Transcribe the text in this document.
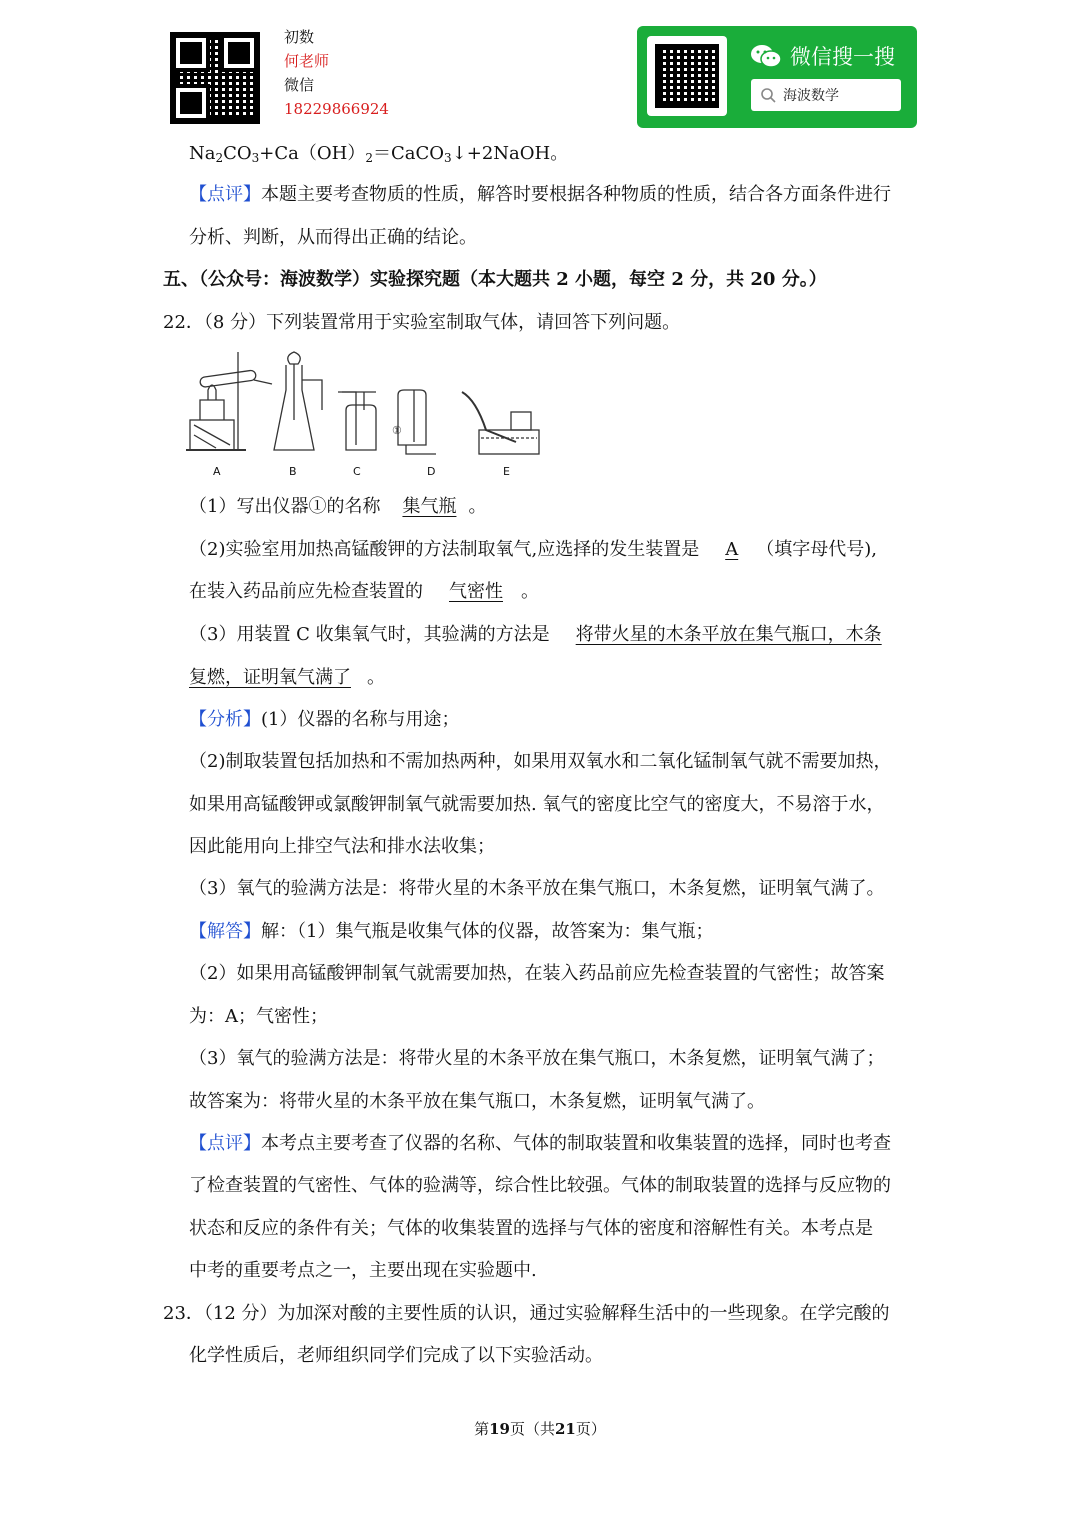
初数
何老师
微信
18229866924
微信搜一搜
海波数学
$Na_2CO_3+Ca(OH)_2=CaCO_3↓+2NaOH$。
【点评】本题主要考查物质的性质，解答时要根据各种物质的性质，结合各方面条件进行
分析、判断，从而得出正确的结论。
五、（公众号：海波数学）实验探究题（本大题共 2 小题，每空 2 分，共 20 分。）
22．（8 分）下列装置常用于实验室制取气体，请回答下列问题。
①
A	B	C	D	E
（1）写出仪器①的名称 集气瓶 。
（2)实验室用加热高锰酸钾的方法制取氧气,应选择的发生装置是 A （填字母代号),
在装入药品前应先检查装置的 气密性 。
（3）用装置 C 收集氧气时，其验满的方法是 将带火星的木条平放在集气瓶口，木条
复燃，证明氧气满了 。
【分析】(1）仪器的名称与用途；
（2)制取装置包括加热和不需加热两种，如果用双氧水和二氧化锰制氧气就不需要加热，
如果用高锰酸钾或氯酸钾制氧气就需要加热. 氧气的密度比空气的密度大，不易溶于水，
因此能用向上排空气法和排水法收集；
（3）氧气的验满方法是：将带火星的木条平放在集气瓶口，木条复燃，证明氧气满了。
【解答】解：（1）集气瓶是收集气体的仪器，故答案为：集气瓶；
（2）如果用高锰酸钾制氧气就需要加热，在装入药品前应先检查装置的气密性；故答案
为：A；气密性；
（3）氧气的验满方法是：将带火星的木条平放在集气瓶口，木条复燃，证明氧气满了；
故答案为：将带火星的木条平放在集气瓶口，木条复燃，证明氧气满了。
【点评】本考点主要考查了仪器的名称、气体的制取装置和收集装置的选择，同时也考查
了检查装置的气密性、气体的验满等，综合性比较强。气体的制取装置的选择与反应物的
状态和反应的条件有关；气体的收集装置的选择与气体的密度和溶解性有关。本考点是
中考的重要考点之一，主要出现在实验题中.
23．（12 分）为加深对酸的主要性质的认识，通过实验解释生活中的一些现象。在学完酸的
化学性质后，老师组织同学们完成了以下实验活动。
第19页（共21页）
